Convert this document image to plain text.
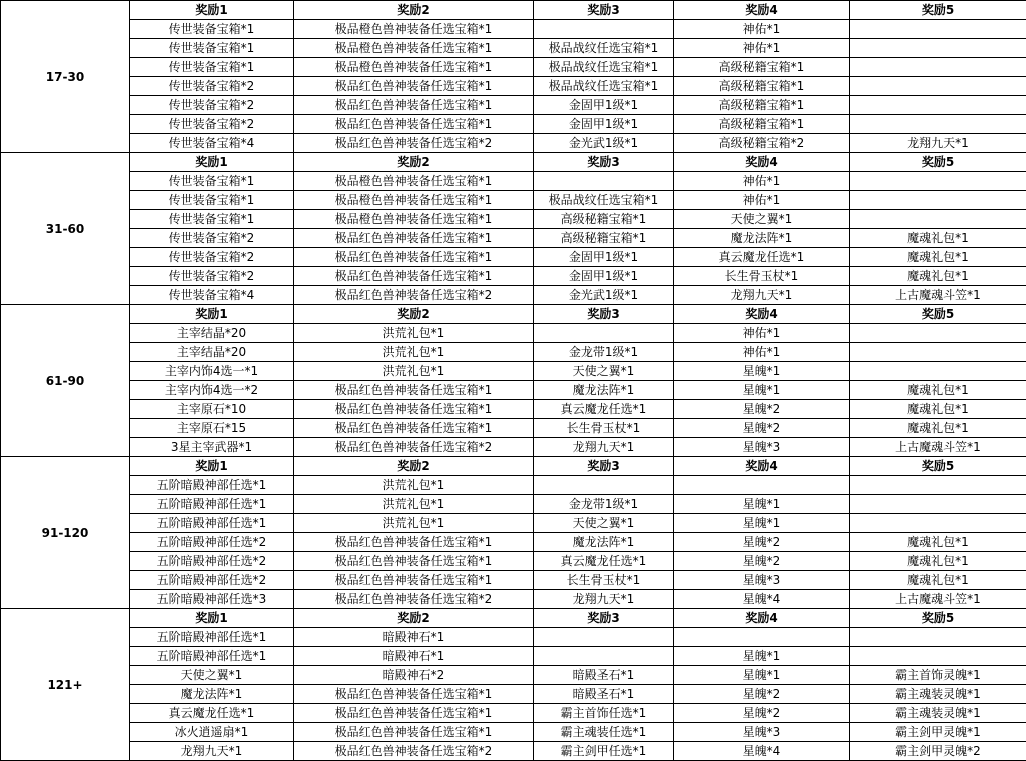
17-30	奖励1	奖励2	奖励3	奖励4	奖励5
	传世装备宝箱*1	极品橙色兽神装备任选宝箱*1		神佑*1	
	传世装备宝箱*1	极品橙色兽神装备任选宝箱*1	极品战纹任选宝箱*1	神佑*1	
	传世装备宝箱*1	极品橙色兽神装备任选宝箱*1	极品战纹任选宝箱*1	高级秘籍宝箱*1	
	传世装备宝箱*2	极品红色兽神装备任选宝箱*1	极品战纹任选宝箱*1	高级秘籍宝箱*1	
	传世装备宝箱*2	极品红色兽神装备任选宝箱*1	金固甲1级*1	高级秘籍宝箱*1	
	传世装备宝箱*2	极品红色兽神装备任选宝箱*1	金固甲1级*1	高级秘籍宝箱*1	
	传世装备宝箱*4	极品红色兽神装备任选宝箱*2	金光武1级*1	高级秘籍宝箱*2	龙翔九天*1
31-60	奖励1	奖励2	奖励3	奖励4	奖励5
	传世装备宝箱*1	极品橙色兽神装备任选宝箱*1		神佑*1	
	传世装备宝箱*1	极品橙色兽神装备任选宝箱*1	极品战纹任选宝箱*1	神佑*1	
	传世装备宝箱*1	极品橙色兽神装备任选宝箱*1	高级秘籍宝箱*1	天使之翼*1	
	传世装备宝箱*2	极品红色兽神装备任选宝箱*1	高级秘籍宝箱*1	魔龙法阵*1	魔魂礼包*1
	传世装备宝箱*2	极品红色兽神装备任选宝箱*1	金固甲1级*1	真云魔龙任选*1	魔魂礼包*1
	传世装备宝箱*2	极品红色兽神装备任选宝箱*1	金固甲1级*1	长生骨玉杖*1	魔魂礼包*1
	传世装备宝箱*4	极品红色兽神装备任选宝箱*2	金光武1级*1	龙翔九天*1	上古魔魂斗笠*1
61-90	奖励1	奖励2	奖励3	奖励4	奖励5
	主宰结晶*20	洪荒礼包*1		神佑*1	
	主宰结晶*20	洪荒礼包*1	金龙带1级*1	神佑*1	
	主宰内饰4选一*1	洪荒礼包*1	天使之翼*1	星魄*1	
	主宰内饰4选一*2	极品红色兽神装备任选宝箱*1	魔龙法阵*1	星魄*1	魔魂礼包*1
	主宰原石*10	极品红色兽神装备任选宝箱*1	真云魔龙任选*1	星魄*2	魔魂礼包*1
	主宰原石*15	极品红色兽神装备任选宝箱*1	长生骨玉杖*1	星魄*2	魔魂礼包*1
	3星主宰武器*1	极品红色兽神装备任选宝箱*2	龙翔九天*1	星魄*3	上古魔魂斗笠*1
91-120	奖励1	奖励2	奖励3	奖励4	奖励5
	五阶暗殿神部任选*1	洪荒礼包*1			
	五阶暗殿神部任选*1	洪荒礼包*1	金龙带1级*1	星魄*1	
	五阶暗殿神部任选*1	洪荒礼包*1	天使之翼*1	星魄*1	
	五阶暗殿神部任选*2	极品红色兽神装备任选宝箱*1	魔龙法阵*1	星魄*2	魔魂礼包*1
	五阶暗殿神部任选*2	极品红色兽神装备任选宝箱*1	真云魔龙任选*1	星魄*2	魔魂礼包*1
	五阶暗殿神部任选*2	极品红色兽神装备任选宝箱*1	长生骨玉杖*1	星魄*3	魔魂礼包*1
	五阶暗殿神部任选*3	极品红色兽神装备任选宝箱*2	龙翔九天*1	星魄*4	上古魔魂斗笠*1
121+	奖励1	奖励2	奖励3	奖励4	奖励5
	五阶暗殿神部任选*1	暗殿神石*1			
	五阶暗殿神部任选*1	暗殿神石*1		星魄*1	
	天使之翼*1	暗殿神石*2	暗殿圣石*1	星魄*1	霸主首饰灵魄*1
	魔龙法阵*1	极品红色兽神装备任选宝箱*1	暗殿圣石*1	星魄*2	霸主魂装灵魄*1
	真云魔龙任选*1	极品红色兽神装备任选宝箱*1	霸主首饰任选*1	星魄*2	霸主魂装灵魄*1
	冰火逍遥扇*1	极品红色兽神装备任选宝箱*1	霸主魂装任选*1	星魄*3	霸主剑甲灵魄*1
	龙翔九天*1	极品红色兽神装备任选宝箱*2	霸主剑甲任选*1	星魄*4	霸主剑甲灵魄*2
